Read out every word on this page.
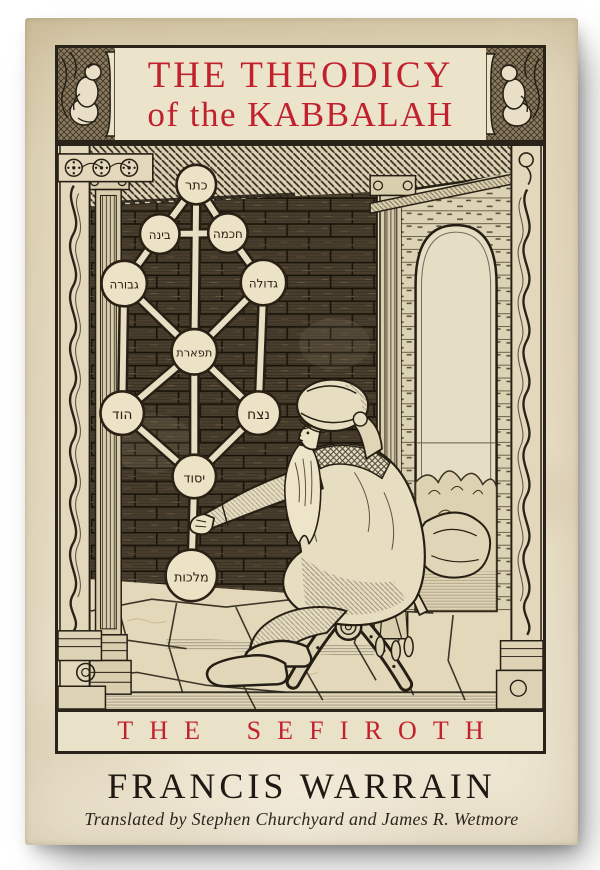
THE THEODICY
of the KABBALAH
כתר
בינה	חכמה
גבורה	גדולה
תפארת
הוד	נצח
יסוד
מלכות
THE SEFIROTH
FRANCIS WARRAIN
Translated by Stephen Churchyard and James R. Wetmore
